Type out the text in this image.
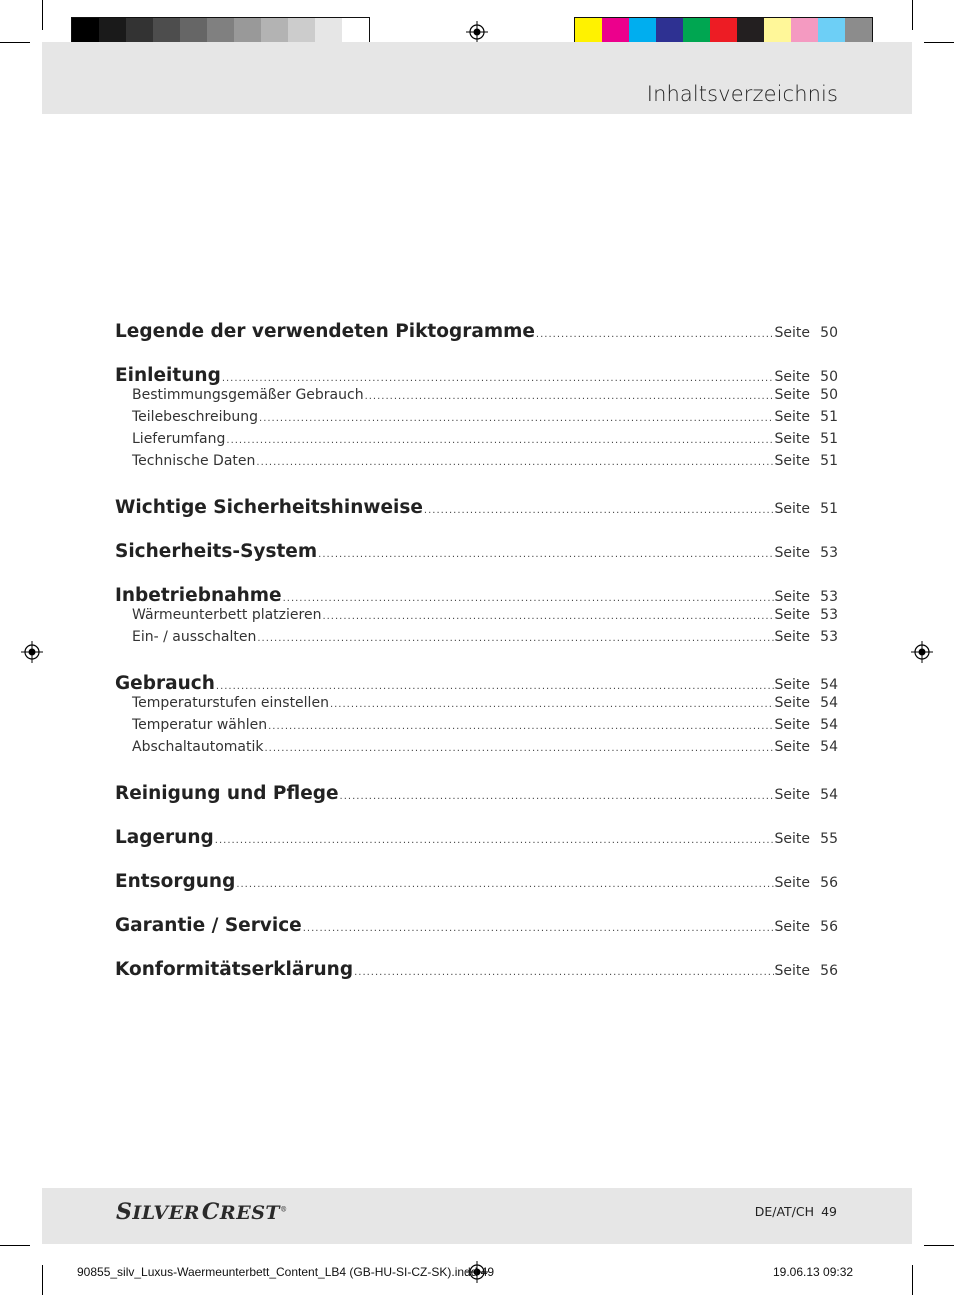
Inhaltsverzeichnis
Legende der verwendeten Piktogramme .....	Seite 50
Einleitung .....	Seite 50
Bestimmungsgemäßer Gebrauch .....	Seite 50
Teilebeschreibung .....	Seite 51
Lieferumfang .....	Seite 51
Technische Daten .....	Seite 51
Wichtige Sicherheitshinweise .....	Seite 51
Sicherheits-System .....	Seite 53
Inbetriebnahme .....	Seite 53
Wärmeunterbett platzieren .....	Seite 53
Ein- / ausschalten .....	Seite 53
Gebrauch .....	Seite 54
Temperaturstufen einstellen .....	Seite 54
Temperatur wählen .....	Seite 54
Abschaltautomatik .....	Seite 54
Reinigung und Pflege .....	Seite 54
Lagerung .....	Seite 55
Entsorgung .....	Seite 56
Garantie / Service .....	Seite 56
Konformitätserklärung .....	Seite 56
SILVERCREST®	DE/AT/CH 49
90855_silv_Luxus-Waermeunterbett_Content_LB4 (GB-HU-SI-CZ-SK).indd 49	19.06.13 09:32
